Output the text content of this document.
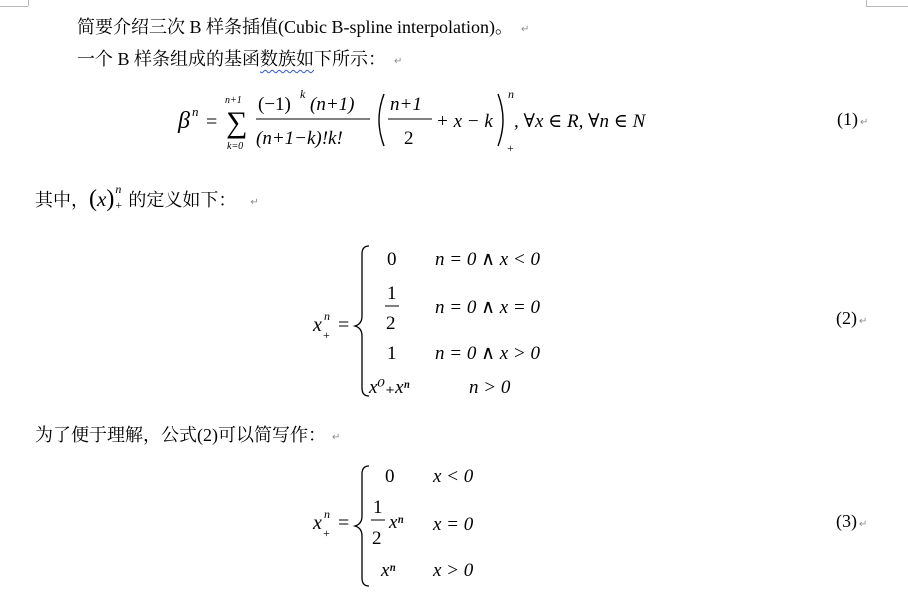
简要介绍三次 B 样条插值(Cubic B-spline interpolation)。 ↵
一个 B 样条组成的基函数族如下所示： ↵
β n = ∑
n+1
k=0
(−1) k (n+1)
(n+1−k)!k!
n+1
2
+ x − k
n
+
, ∀x ∈ R, ∀n ∈ N	(1) ↵
其中，(x) n
+ 的定义如下： ↵
x n
+ =
0
1
2
1
x⁰₊xⁿ
n = 0 ∧ x < 0
n = 0 ∧ x = 0
n = 0 ∧ x > 0
n > 0
(2) ↵
为了便于理解，公式(2)可以简写作： ↵
x n
+ =
0
1
2
xⁿ
xⁿ
x < 0
x = 0
x > 0
(3) ↵
